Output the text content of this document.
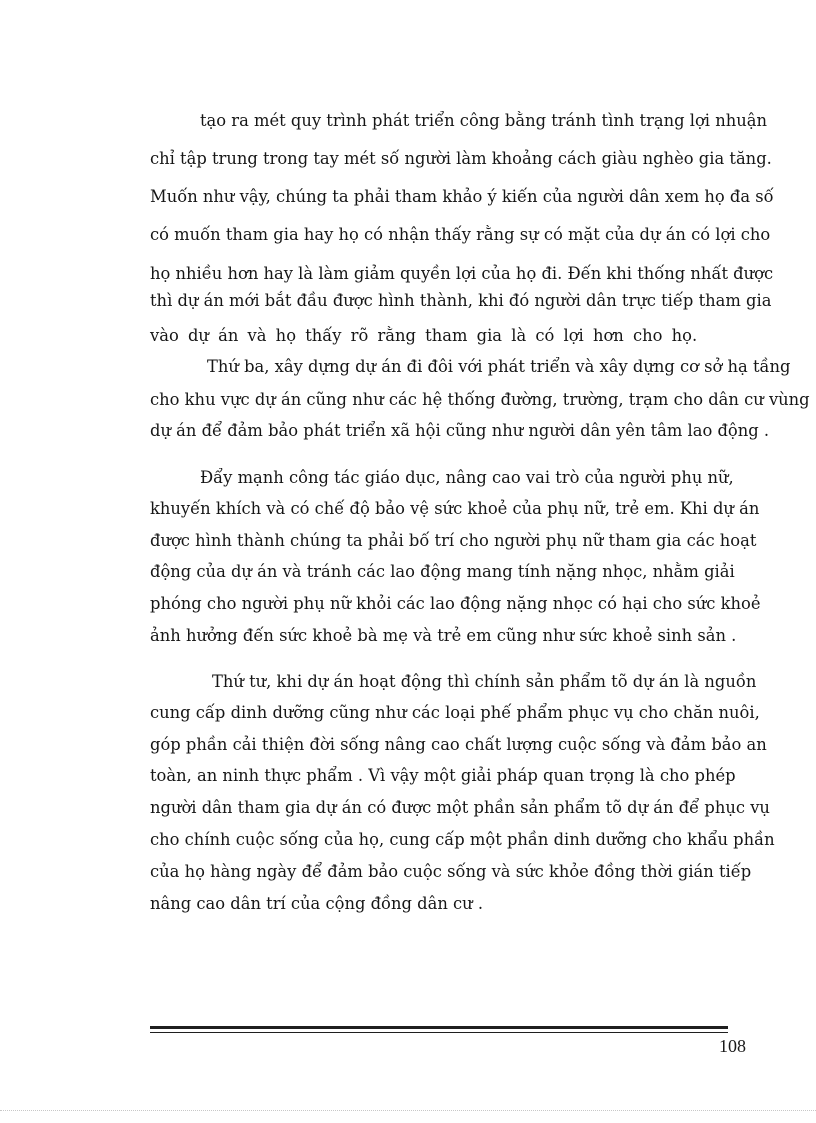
tạo ra mét quy trình phát triển công bằng tránh tình trạng lợi nhuận
chỉ tập trung trong tay mét số người làm khoảng cách giàu nghèo gia tăng.
Muốn như vậy, chúng ta phải tham khảo ý kiến của người dân xem họ đa số
có muốn tham gia hay họ có nhận thấy rằng sự có mặt của dự án có lợi cho
họ nhiều hơn hay là làm giảm quyền lợi của họ đi. Đến khi thống nhất được
thì dự án mới bắt đầu được hình thành, khi đó người dân trực tiếp tham gia
vào dự án và họ thấy rõ rằng tham gia là có lợi hơn cho họ.
Thứ ba, xây dựng dự án đi đôi với phát triển và xây dựng cơ sở hạ tầng
cho khu vực dự án cũng như các hệ thống đường, trường, trạm cho dân cư vùng
dự án để đảm bảo phát triển xã hội cũng như người dân yên tâm lao động .
Đẩy mạnh công tác giáo dục, nâng cao vai trò của người phụ nữ,
khuyến khích và có chế độ bảo vệ sức khoẻ của phụ nữ, trẻ em. Khi dự án
được hình thành chúng ta phải bố trí cho người phụ nữ tham gia các hoạt
động của dự án và tránh các lao động mang tính nặng nhọc, nhằm giải
phóng cho người phụ nữ khỏi các lao động nặng nhọc có hại cho sức khoẻ
ảnh hưởng đến sức khoẻ bà mẹ và trẻ em cũng như sức khoẻ sinh sản .
Thứ tư, khi dự án hoạt động thì chính sản phẩm tõ dự án là nguồn
cung cấp dinh dưỡng cũng như các loại phế phẩm phục vụ cho chăn nuôi,
góp phần cải thiện đời sống nâng cao chất lượng cuộc sống và đảm bảo an
toàn, an ninh thực phẩm . Vì vậy một giải pháp quan trọng là cho phép
người dân tham gia dự án có được một phần sản phẩm tõ dự án để phục vụ
cho chính cuộc sống của họ, cung cấp một phần dinh dưỡng cho khẩu phần
của họ hàng ngày để đảm bảo cuộc sống và sức khỏe đồng thời gián tiếp
nâng cao dân trí của cộng đồng dân cư .
108
